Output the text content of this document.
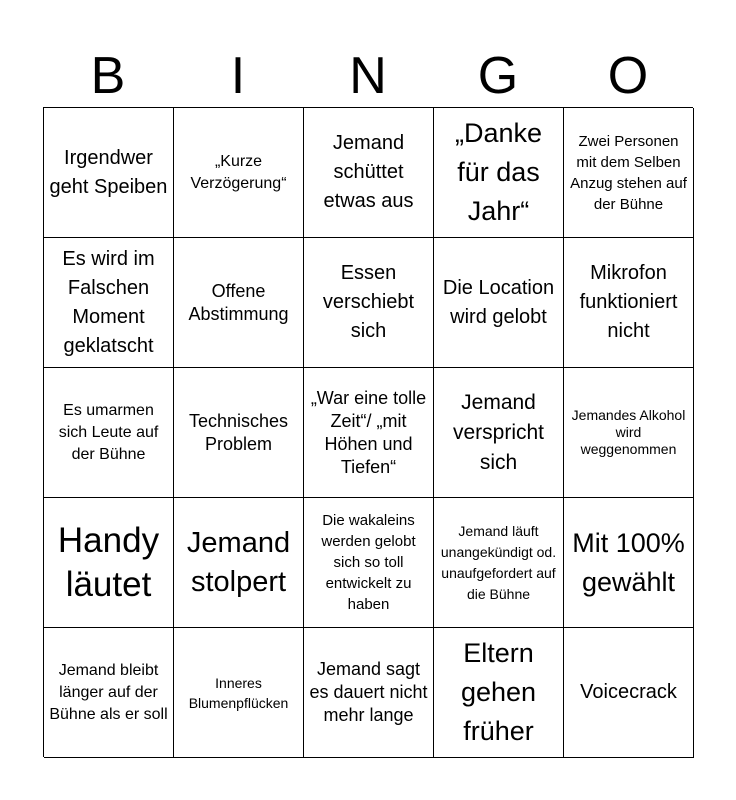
B	I	N	G	O
Irgendwer geht Speiben
„Kurze Verzögerung“
Jemand schüttet etwas aus
„Danke für das Jahr“
Zwei Personen mit dem Selben Anzug stehen auf der Bühne
Es wird im Falschen Moment geklatscht
Offene Abstimmung
Essen verschiebt sich
Die Location wird gelobt
Mikrofon funktioniert nicht
Es umarmen sich Leute auf der Bühne
Technisches Problem
„War eine tolle Zeit“/ „mit Höhen und Tiefen“
Jemand verspricht sich
Jemandes Alkohol wird weggenommen
Handy läutet
Jemand stolpert
Die wakaleins werden gelobt sich so toll entwickelt zu haben
Jemand läuft unangekündigt od. unaufgefordert auf die Bühne
Mit 100% gewählt
Jemand bleibt länger auf der Bühne als er soll
Inneres Blumenpflücken
Jemand sagt es dauert nicht mehr lange
Eltern gehen früher
Voicecrack
